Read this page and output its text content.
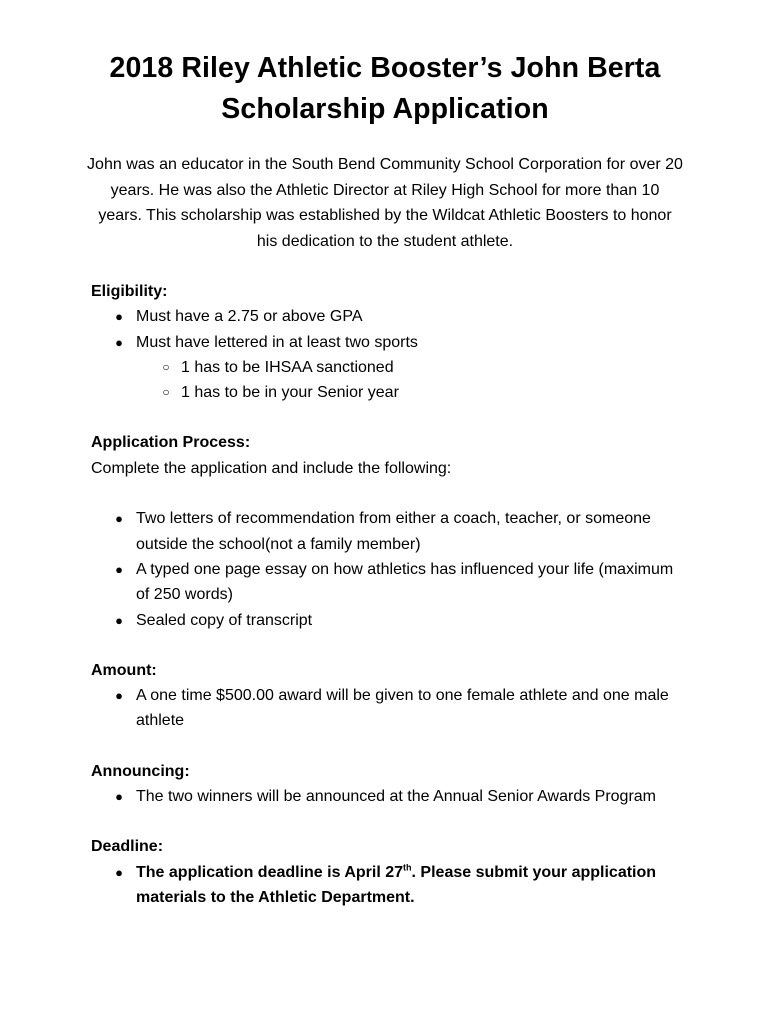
2018 Riley Athletic Booster’s John Berta
Scholarship Application

John was an educator in the South Bend Community School Corporation for over 20 years. He was also the Athletic Director at Riley High School for more than 10 years. This scholarship was established by the Wildcat Athletic Boosters to honor his dedication to the student athlete.

Eligibility:

● Must have a 2.75 or above GPA
● Must have lettered in at least two sports
○ 1 has to be IHSAA sanctioned
○ 1 has to be in your Senior year

Application Process:

Complete the application and include the following:

● Two letters of recommendation from either a coach, teacher, or someone outside the school(not a family member)
● A typed one page essay on how athletics has influenced your life (maximum of 250 words)
● Sealed copy of transcript

Amount:

● A one time $500.00 award will be given to one female athlete and one male athlete

Announcing:

● The two winners will be announced at the Annual Senior Awards Program

Deadline:

● The application deadline is April 27th. Please submit your application materials to the Athletic Department.
